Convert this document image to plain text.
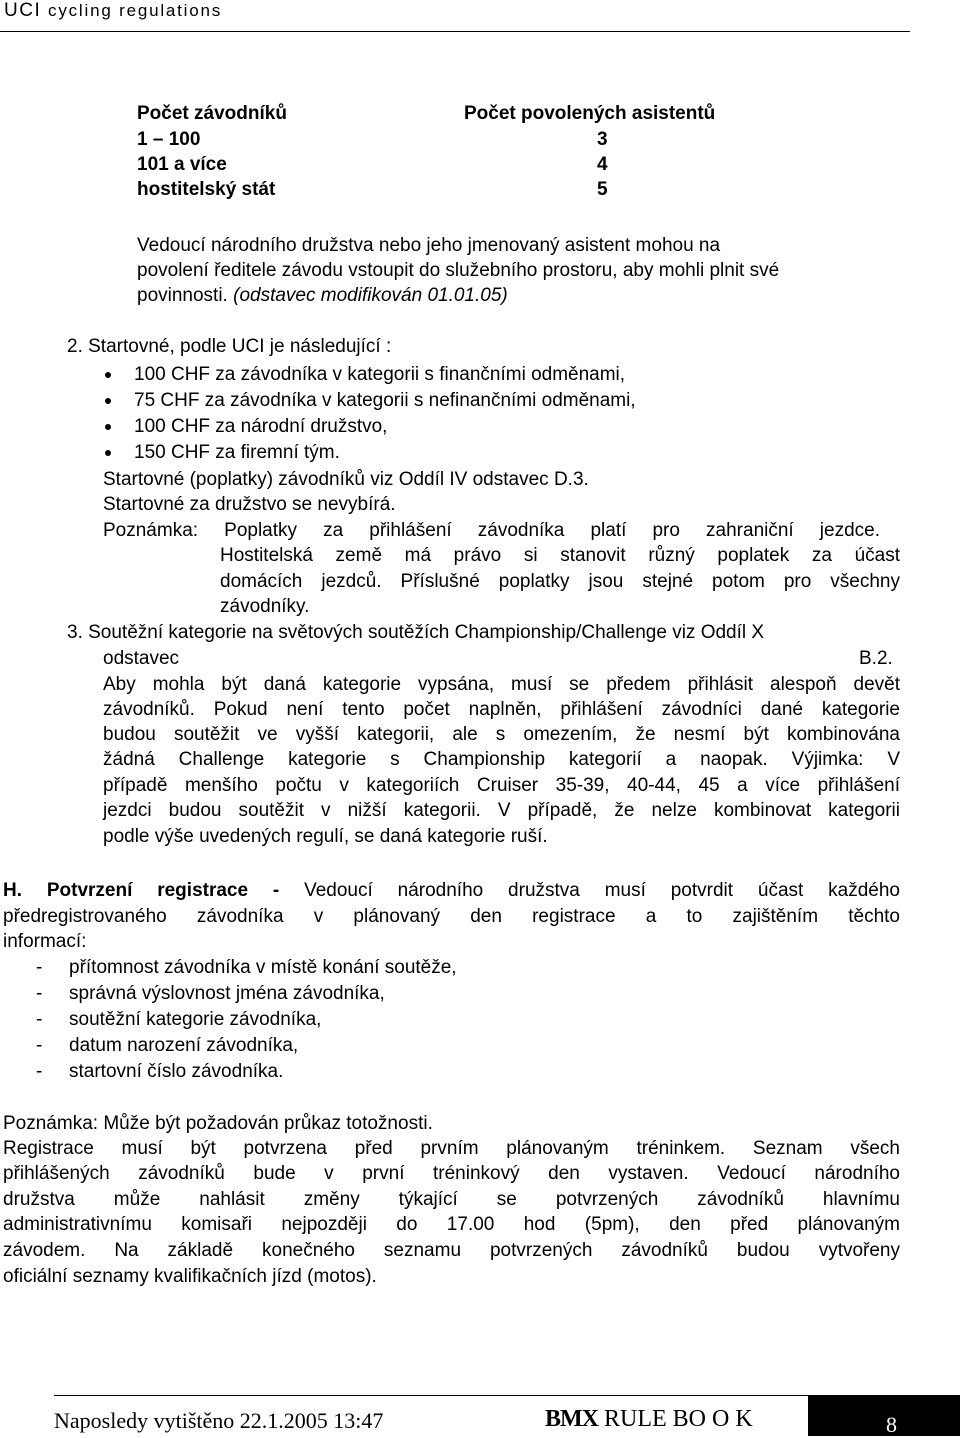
UCI cycling regulations
Počet závodníků	Počet povolených asistentů
1 – 100	3
101 a více	4
hostitelský stát	5
Vedoucí národního družstva nebo jeho jmenovaný asistent mohou na
povolení ředitele závodu vstoupit do služebního prostoru, aby mohli plnit své
povinnosti. (odstavec modifikován 01.01.05)
2. Startovné, podle UCI je následující :
100 CHF za závodníka v kategorii s finančními odměnami,
75 CHF za závodníka v kategorii s nefinančními odměnami,
100 CHF za národní družstvo,
150 CHF za firemní tým.
Startovné (poplatky) závodníků viz Oddíl IV odstavec D.3.
Startovné za družstvo se nevybírá.
Poznámka: Poplatky za přihlášení závodníka platí pro zahraniční jezdce.
Hostitelská země má právo si stanovit různý poplatek za účast
domácích jezdců. Příslušné poplatky jsou stejné potom pro všechny
závodníky.
3. Soutěžní kategorie na světových soutěžích Championship/Challenge viz Oddíl X
odstavec	B.2.
Aby mohla být daná kategorie vypsána, musí se předem přihlásit alespoň devět
závodníků. Pokud není tento počet naplněn, přihlášení závodníci dané kategorie
budou soutěžit ve vyšší kategorii, ale s omezením, že nesmí být kombinována
žádná Challenge kategorie s Championship kategorií a naopak. Výjimka: V
případě menšího počtu v kategoriích Cruiser 35-39, 40-44, 45 a více přihlášení
jezdci budou soutěžit v nižší kategorii. V případě, že nelze kombinovat kategorii
podle výše uvedených regulí, se daná kategorie ruší.
H. Potvrzení registrace - Vedoucí národního družstva musí potvrdit účast každého
předregistrovaného závodníka v plánovaný den registrace a to zajištěním těchto
informací:
- přítomnost závodníka v místě konání soutěže,
- správná výslovnost jména závodníka,
- soutěžní kategorie závodníka,
- datum narození závodníka,
- startovní číslo závodníka.
Poznámka: Může být požadován průkaz totožnosti.
Registrace musí být potvrzena před prvním plánovaným tréninkem. Seznam všech
přihlášených závodníků bude v první tréninkový den vystaven. Vedoucí národního
družstva může nahlásit změny týkající se potvrzených závodníků hlavnímu
administrativnímu komisaři nejpozději do 17.00 hod (5pm), den před plánovaným
závodem. Na základě konečného seznamu potvrzených závodníků budou vytvořeny
oficiální seznamy kvalifikačních jízd (motos).
Naposledy vytištěno 22.1.2005 13:47	BMX RULE BO O K	8
